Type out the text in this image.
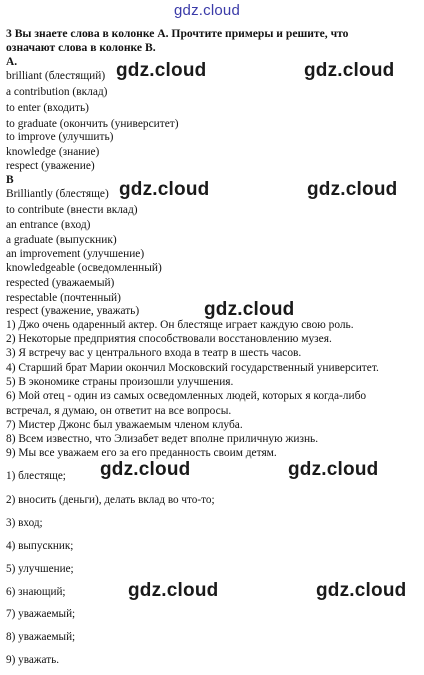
gdz.cloud
3 Вы знаете слова в колонке А. Прочтите примеры и решите, что
означают слова в колонке В.
A.
brilliant (блестящий)
a contribution (вклад)
to enter (входить)
to graduate (окончить (университет)
to improve (улучшить)
knowledge (знание)
respect (уважение)
B
Brilliantly (блестяще)
to contribute (внести вклад)
an entrance (вход)
a graduate (выпускник)
an improvement (улучшение)
knowledgeable (осведомленный)
respected (уважаемый)
respectable (почтенный)
respect (уважение, уважать)
1) Джо очень одаренный актер. Он блестяще играет каждую свою роль.
2) Некоторые предприятия способствовали восстановлению музея.
3) Я встречу вас у центрального входа в театр в шесть часов.
4) Старший брат Марии окончил Московский государственный университет.
5) В экономике страны произошли улучшения.
6) Мой отец - один из самых осведомленных людей, которых я когда-либо
встречал, я думаю, он ответит на все вопросы.
7) Мистер Джонс был уважаемым членом клуба.
8) Всем известно, что Элизабет ведет вполне приличную жизнь.
9) Мы все уважаем его за его преданность своим детям.
1) блестяще;
2) вносить (деньги), делать вклад во что-то;
3) вход;
4) выпускник;
5) улучшение;
6) знающий;
7) уважаемый;
8) уважаемый;
9) уважать.
gdz.cloud	gdz.cloud
gdz.cloud	gdz.cloud
gdz.cloud
gdz.cloud	gdz.cloud
gdz.cloud	gdz.cloud
